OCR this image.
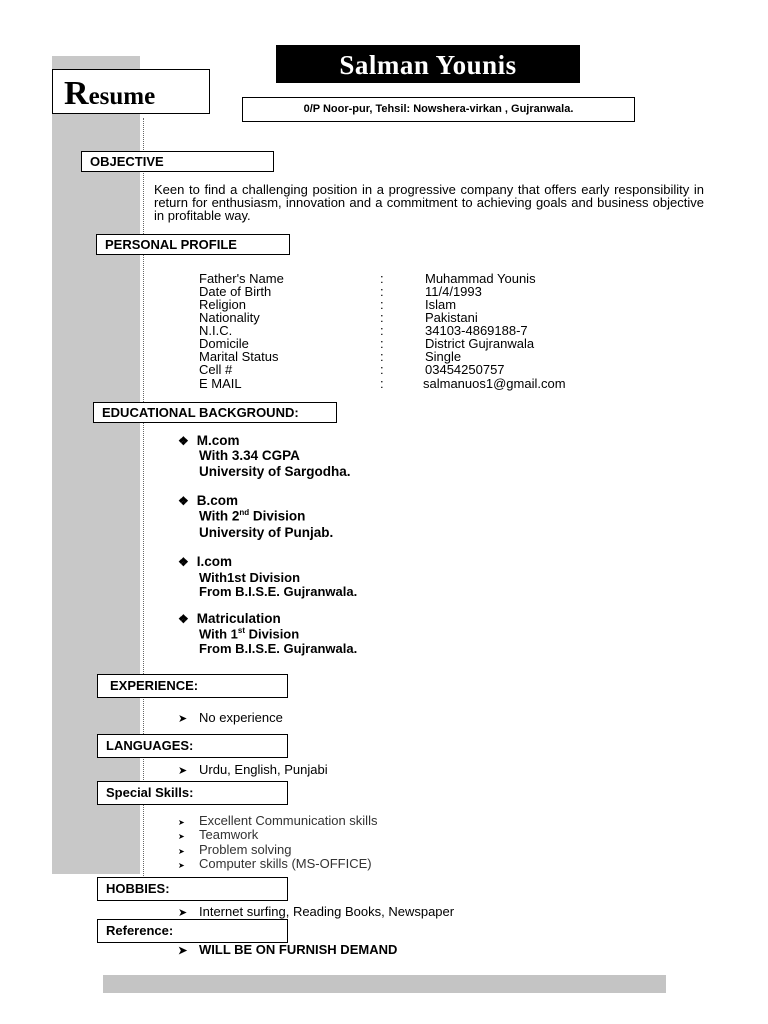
Salman Younis
Resume	0/P Noor-pur, Tehsil: Nowshera-virkan , Gujranwala.
OBJECTIVE
Keen to find a challenging position in a progressive company that offers early responsibility in return for enthusiasm, innovation and a commitment to achieving goals and business objective in profitable way.
PERSONAL PROFILE
Father's Name	:	Muhammad Younis
Date of Birth	:	11/4/1993
Religion	:	Islam
Nationality	:	Pakistani
N.I.C.	:	34103-4869188-7
Domicile	:	District Gujranwala
Marital Status	:	Single
Cell #	:	03454250757
E MAIL	:	salmanuos1@gmail.com
EDUCATIONAL BACKGROUND:
❖ M.com
With 3.34 CGPA
University of Sargodha.
❖ B.com
With 2nd Division
University of Punjab.
❖ I.com
With1st Division
From B.I.S.E. Gujranwala.
❖ Matriculation
With 1st Division
From B.I.S.E. Gujranwala.
EXPERIENCE:
➤ No experience
LANGUAGES:
➤ Urdu, English, Punjabi
Special Skills:
➤ Excellent Communication skills
➤ Teamwork
➤ Problem solving
➤ Computer skills (MS-OFFICE)
HOBBIES:
➤ Internet surfing, Reading Books, Newspaper
Reference:
➤ WILL BE ON FURNISH DEMAND
